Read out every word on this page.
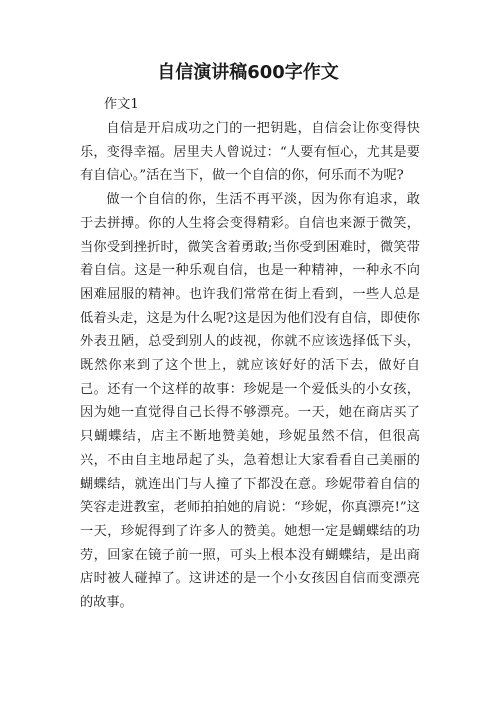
自信演讲稿600字作文

作文1

自信是开启成功之门的一把钥匙，自信会让你变得快乐，变得幸福。居里夫人曾说过：“人要有恒心，尤其是要有自信心。”活在当下，做一个自信的你，何乐而不为呢?

做一个自信的你，生活不再平淡，因为你有追求，敢于去拼搏。你的人生将会变得精彩。自信也来源于微笑，当你受到挫折时，微笑含着勇敢;当你受到困难时，微笑带着自信。这是一种乐观自信，也是一种精神，一种永不向困难屈服的精神。也许我们常常在街上看到，一些人总是低着头走，这是为什么呢?这是因为他们没有自信，即使你外表丑陋，总受到别人的歧视，你就不应该选择低下头，既然你来到了这个世上，就应该好好的活下去，做好自己。还有一个这样的故事：珍妮是一个爱低头的小女孩，因为她一直觉得自己长得不够漂亮。一天，她在商店买了只蝴蝶结，店主不断地赞美她，珍妮虽然不信，但很高兴，不由自主地昂起了头，急着想让大家看看自己美丽的蝴蝶结，就连出门与人撞了下都没在意。珍妮带着自信的笑容走进教室，老师拍拍她的肩说：“珍妮，你真漂亮!”这一天，珍妮得到了许多人的赞美。她想一定是蝴蝶结的功劳，回家在镜子前一照，可头上根本没有蝴蝶结，是出商店时被人碰掉了。这讲述的是一个小女孩因自信而变漂亮的故事。
